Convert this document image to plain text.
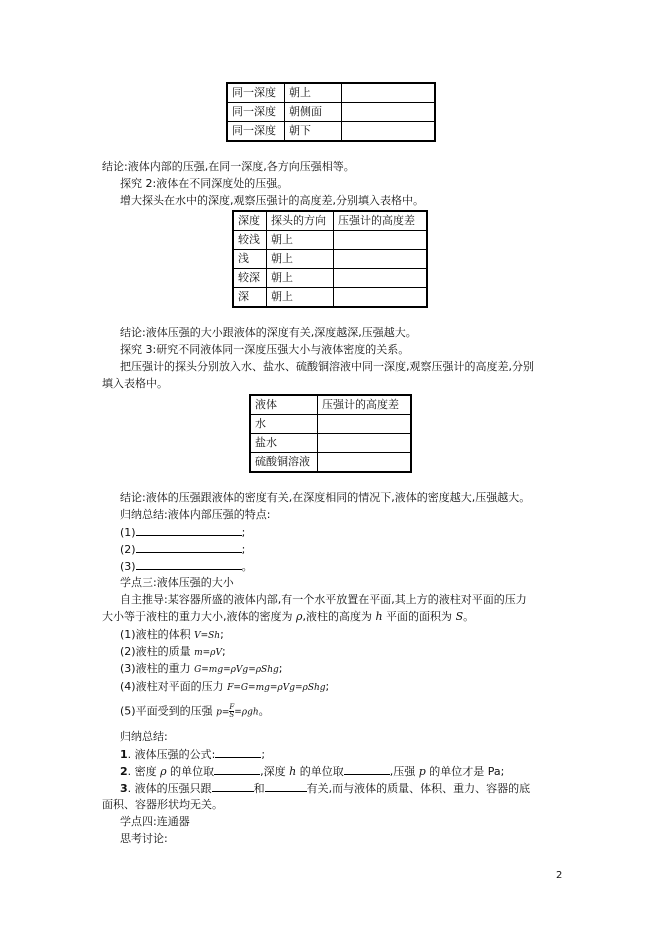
同一深度	朝上	
同一深度	朝侧面	
同一深度	朝下	
结论:液体内部的压强,在同一深度,各方向压强相等。
探究 2:液体在不同深度处的压强。
增大探头在水中的深度,观察压强计的高度差,分别填入表格中。
深度	探头的方向	压强计的高度差
较浅	朝上	
浅	朝上	
较深	朝上	
深	朝上	
结论:液体压强的大小跟液体的深度有关,深度越深,压强越大。
探究 3:研究不同液体同一深度压强大小与液体密度的关系。
把压强计的探头分别放入水、盐水、硫酸铜溶液中同一深度,观察压强计的高度差,分别
填入表格中。
液体	压强计的高度差
水	
盐水	
硫酸铜溶液	
结论:液体的压强跟液体的密度有关,在深度相同的情况下,液体的密度越大,压强越大。
归纳总结:液体内部压强的特点:
(1)	;
(2)	;
(3)	。
学点三:液体压强的大小
自主推导:某容器所盛的液体内部,有一个水平放置在平面,其上方的液柱对平面的压力
大小等于液柱的重力大小,液体的密度为 ρ,液柱的高度为 h 平面的面积为 S。
(1)液柱的体积 V=Sh;
(2)液柱的质量 m=ρV;
(3)液柱的重力 G=mg=ρVg=ρShg;
(4)液柱对平面的压力 F=G=mg=ρVg=ρShg;
(5)平面受到的压强 $p= \frac{F}{S} =\rho gh$。
归纳总结:
1. 液体压强的公式:	;
2. 密度 ρ 的单位取	,深度 h 的单位取	,压强 p 的单位才是 Pa;
3. 液体的压强只跟	和	有关,而与液体的质量、体积、重力、容器的底
面积、容器形状均无关。
学点四:连通器
思考讨论:
2
